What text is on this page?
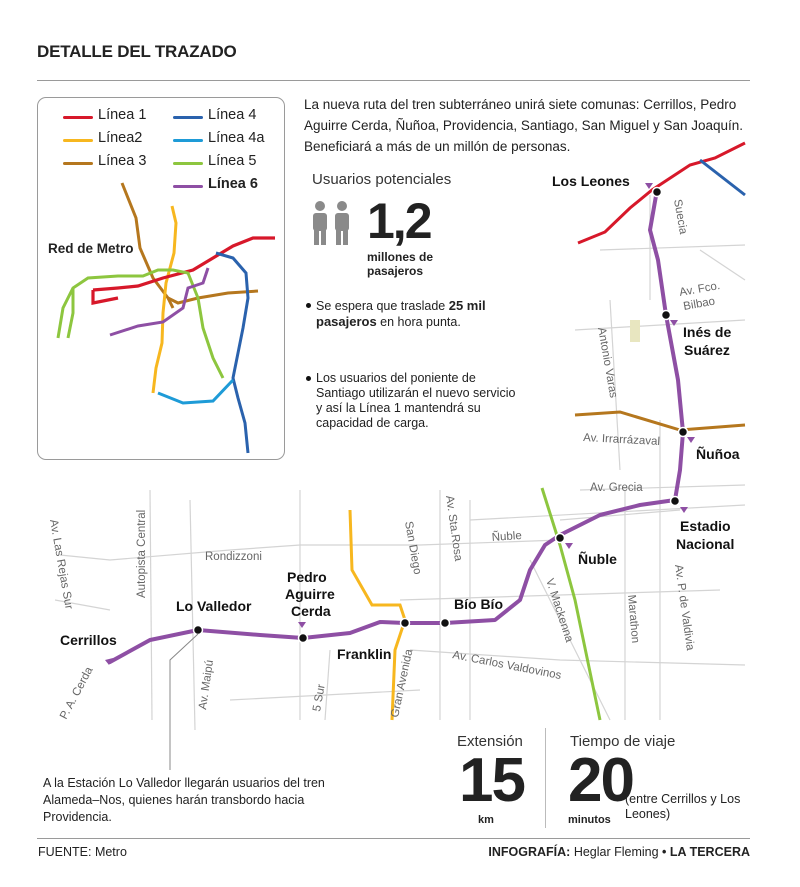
DETALLE DEL TRAZADO
Av. Las Rejas Sur	Autopista Central	Rondizzoni	San Diego Av. Sta.Rosa Ñuble
Av. Grecia
Av. Irrarrázaval
Antonio Varas
Av. Fco.
Bilbao
Suecia
V. Mackenna	Marathon	Av. P. de Valdivia
Av. Carlos Valdovinos
Gran Avenida
5 Sur
Av. Maipú
P. A. Cerda
Cerrillos
Lo Valledor
Pedro
Aguirre
Cerda
Franklin
Bío Bío
Ñuble
Estadio
Nacional
Ñuñoa
Inés de
Suárez
Los Leones
Línea 1
Línea2
Línea 3
Línea 4
Línea 4a
Línea 5
Línea 6
Red de Metro
La nueva ruta del tren subterráneo unirá siete comunas: Cerrillos, Pedro Aguirre Cerda, Ñuñoa, Providencia, Santiago, San Miguel y San Joaquín. Beneficiará a más de un millón de personas.
Usuarios potenciales
1,2
millones de
pasajeros
Se espera que traslade 25 mil pasajeros en hora punta.
Los usuarios del poniente de Santiago utilizarán el nuevo servicio y así la Línea 1 mantendrá su capacidad de carga.
Extensión
15
km
Tiempo de viaje
20
minutos
(entre Cerrillos y Los Leones)
A la Estación Lo Valledor llegarán usuarios del tren Alameda–Nos, quienes harán transbordo hacia Providencia.
FUENTE: Metro	INFOGRAFÍA: Heglar Fleming • LA TERCERA
